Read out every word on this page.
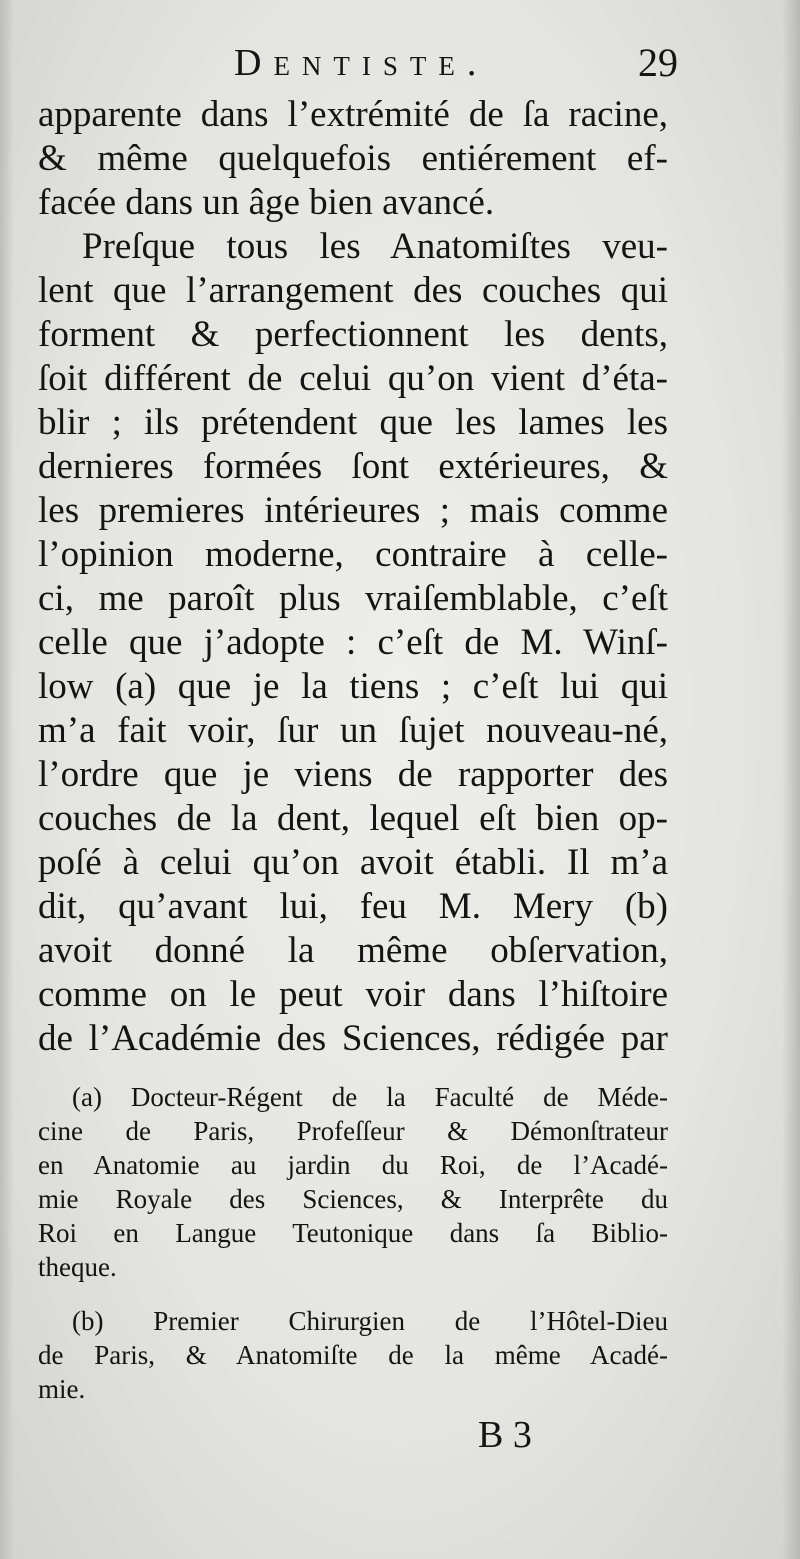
Dentiste.	29
apparente dans l’extrémité de ſa racine,
& même quelquefois entiérement ef-
facée dans un âge bien avancé.
Preſque tous les Anatomiſtes veu-
lent que l’arrangement des couches qui
forment & perfectionnent les dents,
ſoit différent de celui qu’on vient d’éta-
blir ; ils prétendent que les lames les
dernieres formées ſont extérieures, &
les premieres intérieures ; mais comme
l’opinion moderne, contraire à celle-
ci, me paroît plus vraiſemblable, c’eſt
celle que j’adopte : c’eſt de M. Winſ-
low (a) que je la tiens ; c’eſt lui qui
m’a fait voir, ſur un ſujet nouveau-né,
l’ordre que je viens de rapporter des
couches de la dent, lequel eſt bien op-
poſé à celui qu’on avoit établi. Il m’a
dit, qu’avant lui, feu M. Mery (b)
avoit donné la même obſervation,
comme on le peut voir dans l’hiſtoire
de l’Académie des Sciences, rédigée par
(a) Docteur-Régent de la Faculté de Méde-
cine de Paris, Profeſſeur & Démonſtrateur
en Anatomie au jardin du Roi, de l’Acadé-
mie Royale des Sciences, & Interprête du
Roi en Langue Teutonique dans ſa Biblio-
theque.
(b) Premier Chirurgien de l’Hôtel-Dieu
de Paris, & Anatomiſte de la même Acadé-
mie.
B 3
